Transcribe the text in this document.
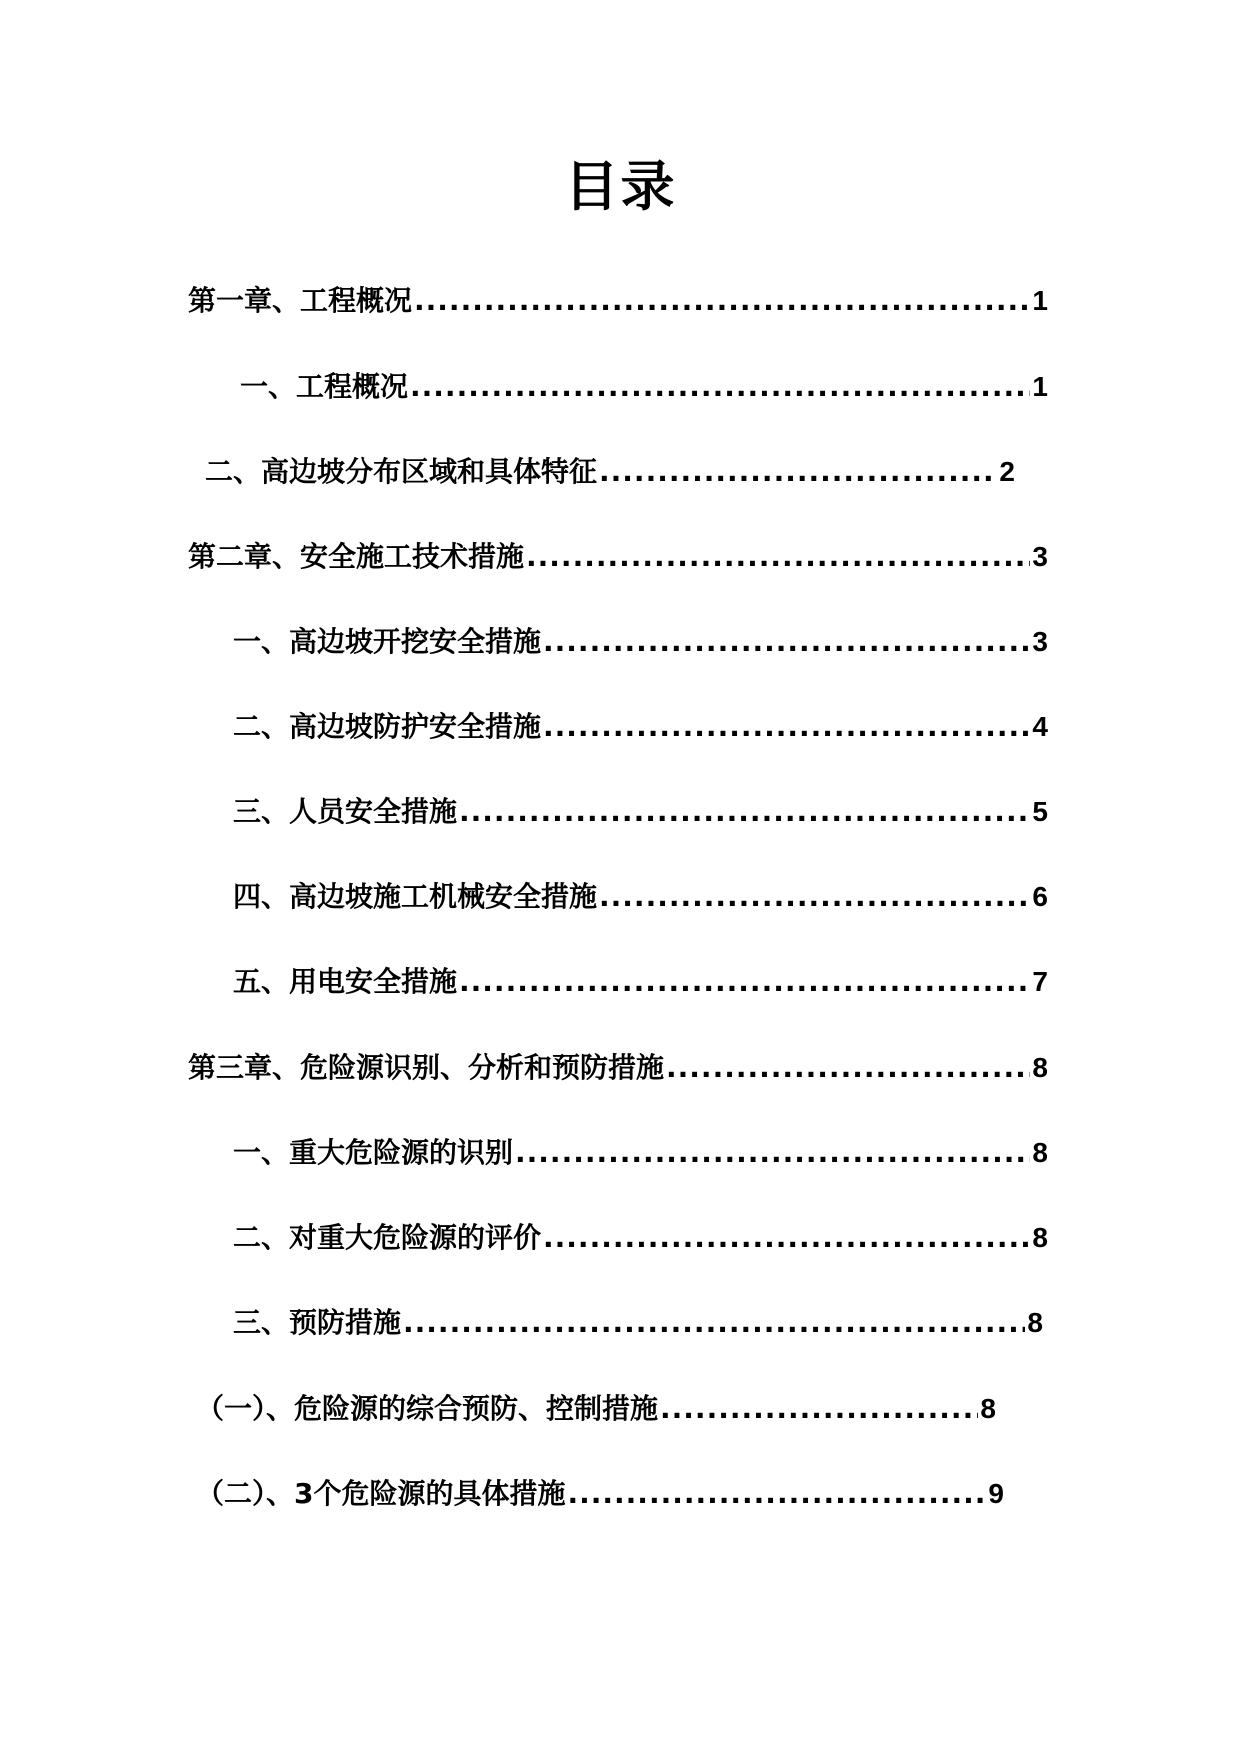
目录
第一章、工程概况 .....	1
一、工程概况 .....	1
二、高边坡分布区域和具体特征 .....	2
第二章、安全施工技术措施 .....	3
一、高边坡开挖安全措施 .....	3
二、高边坡防护安全措施 .....	4
三、人员安全措施 .....	5
四、高边坡施工机械安全措施 .....	6
五、用电安全措施 .....	7
第三章、危险源识别、分析和预防措施 .....	8
一、重大危险源的识别 .....	8
二、对重大危险源的评价 .....	8
三、预防措施 .....	8
（一）、危险源的综合预防、控制措施 .....	8
（二）、3个危险源的具体措施 .....	9
